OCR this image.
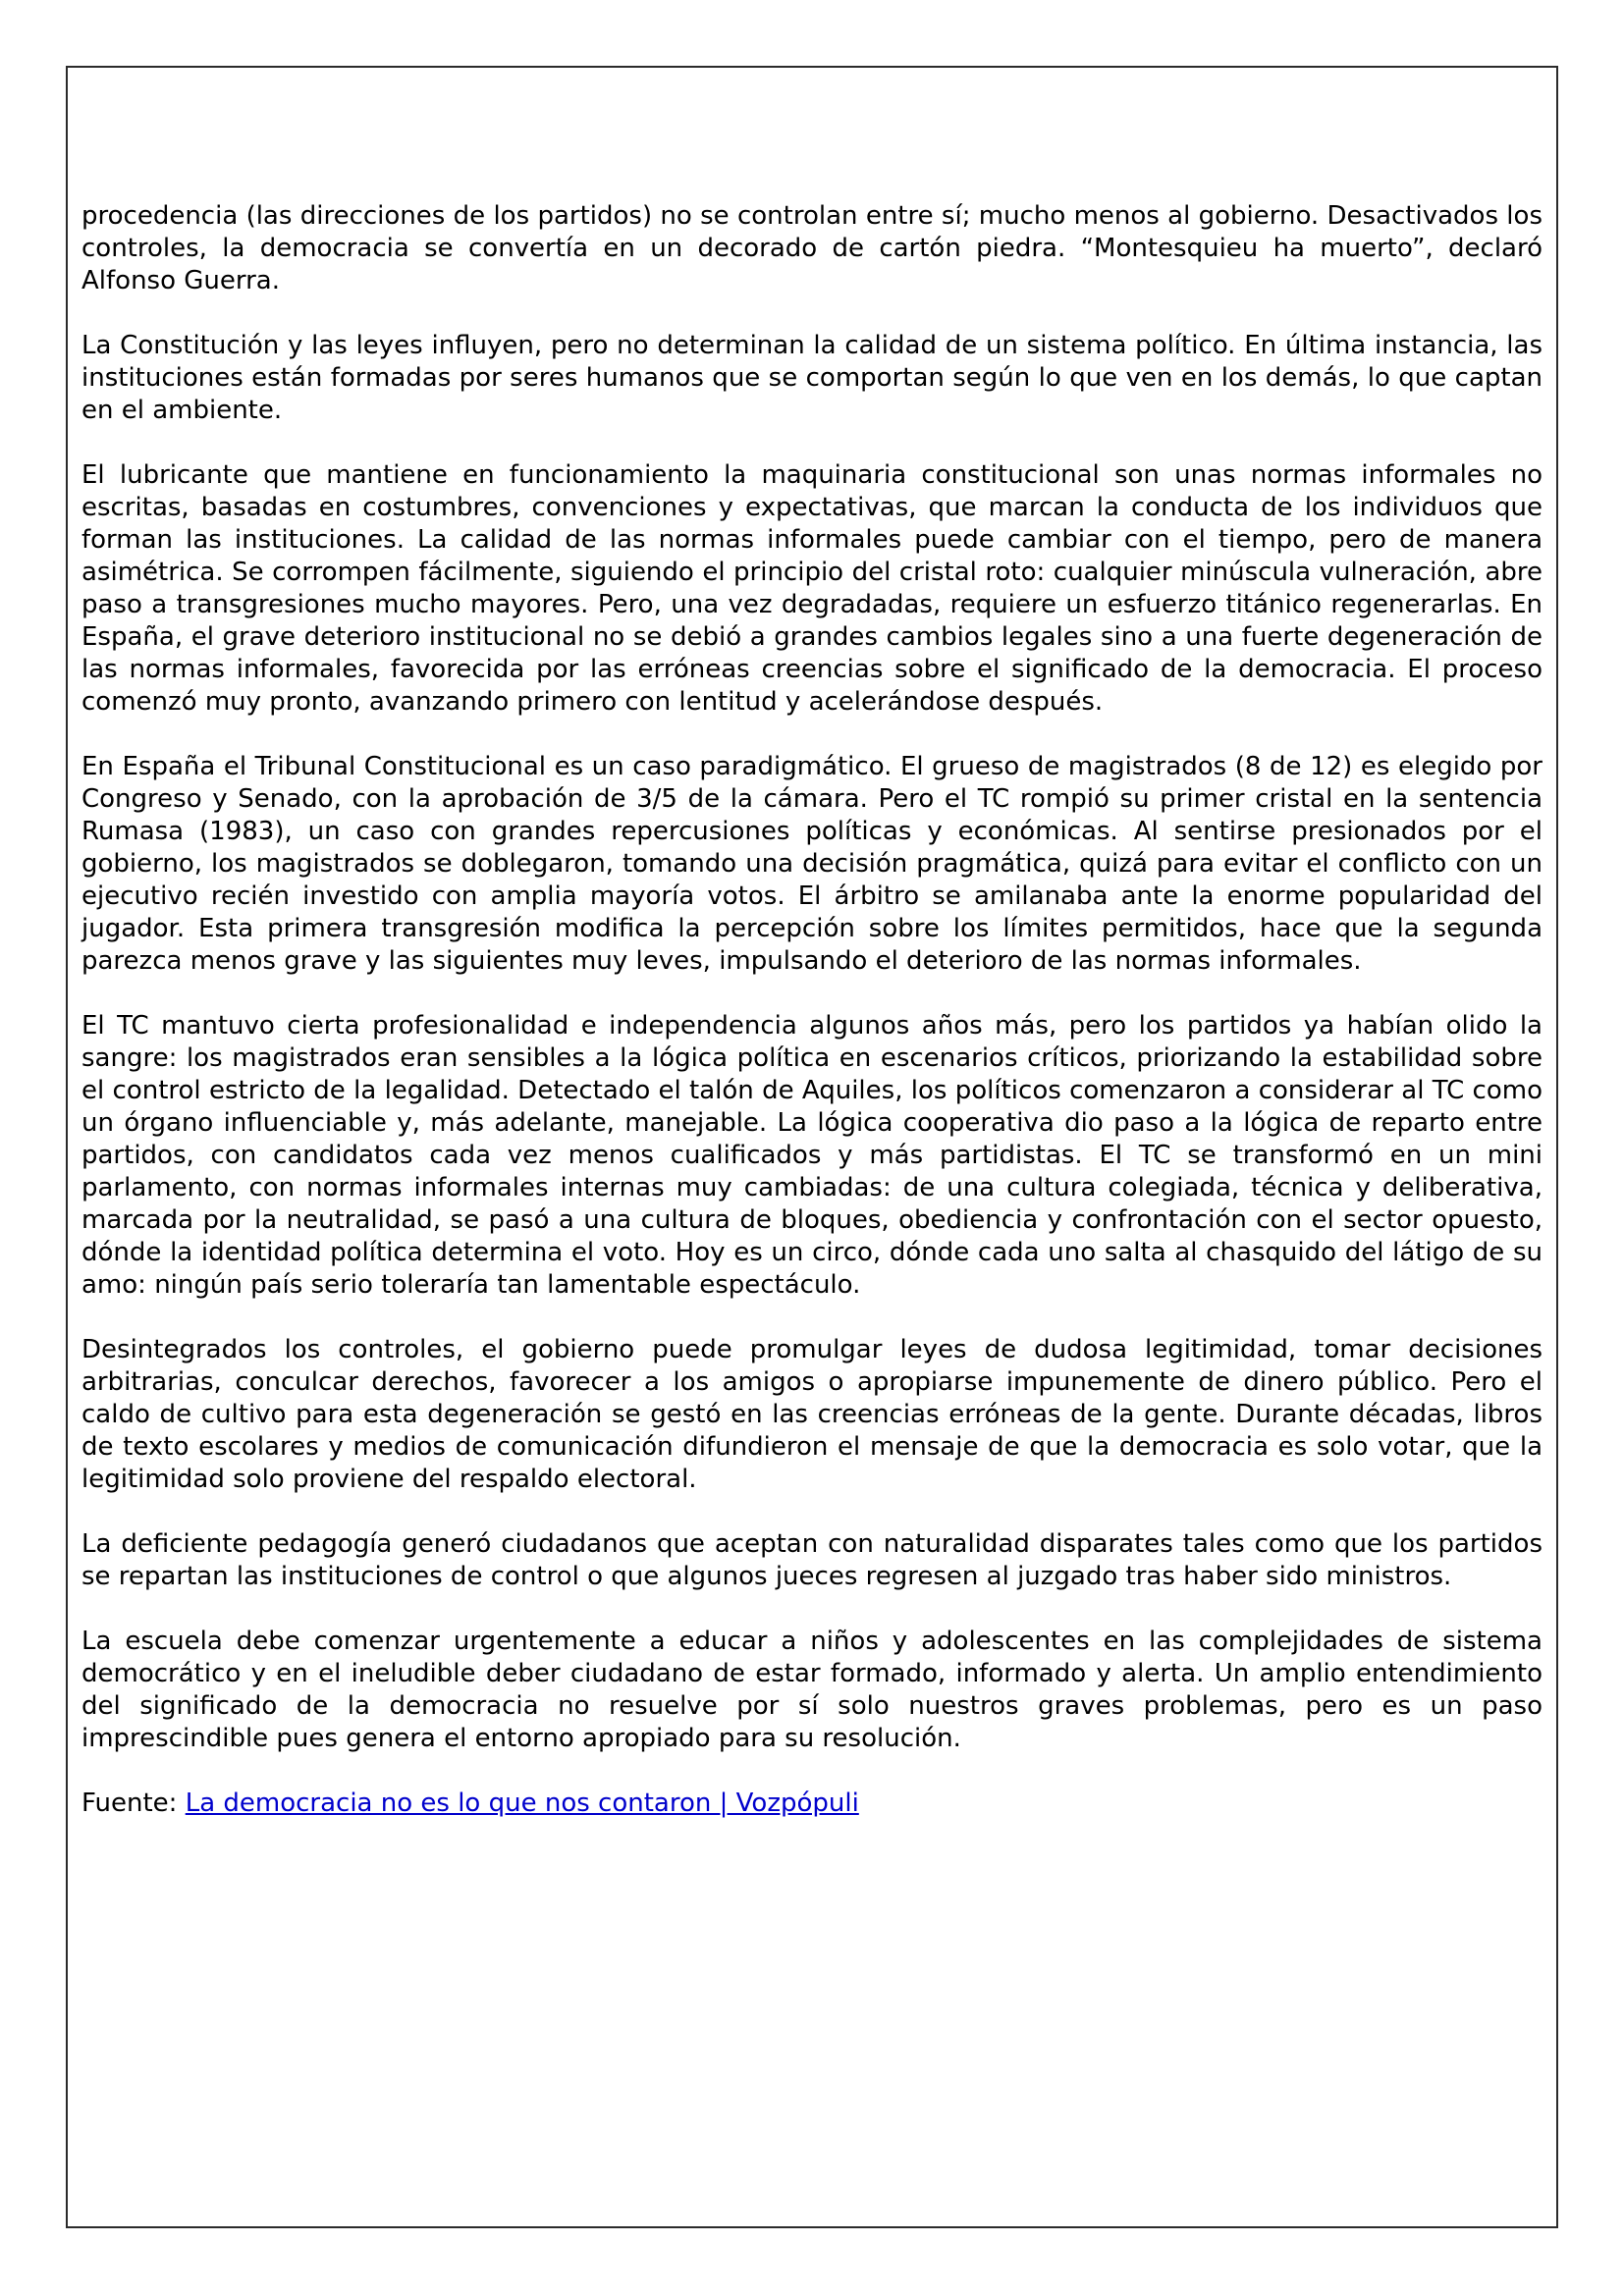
procedencia (las direcciones de los partidos) no se controlan entre sí; mucho menos al gobierno. Desactivados los controles, la democracia se convertía en un decorado de cartón piedra. “Montesquieu ha muerto”, declaró Alfonso Guerra.

La Constitución y las leyes influyen, pero no determinan la calidad de un sistema político. En última instancia, las instituciones están formadas por seres humanos que se comportan según lo que ven en los demás, lo que captan en el ambiente.

El lubricante que mantiene en funcionamiento la maquinaria constitucional son unas normas informales no escritas, basadas en costumbres, convenciones y expectativas, que marcan la conducta de los individuos que forman las instituciones. La calidad de las normas informales puede cambiar con el tiempo, pero de manera asimétrica. Se corrompen fácilmente, siguiendo el principio del cristal roto: cualquier minúscula vulneración, abre paso a transgresiones mucho mayores. Pero, una vez degradadas, requiere un esfuerzo titánico regenerarlas. En España, el grave deterioro institucional no se debió a grandes cambios legales sino a una fuerte degeneración de las normas informales, favorecida por las erróneas creencias sobre el significado de la democracia. El proceso comenzó muy pronto, avanzando primero con lentitud y acelerándose después.

En España el Tribunal Constitucional es un caso paradigmático. El grueso de magistrados (8 de 12) es elegido por Congreso y Senado, con la aprobación de 3/5 de la cámara. Pero el TC rompió su primer cristal en la sentencia Rumasa (1983), un caso con grandes repercusiones políticas y económicas. Al sentirse presionados por el gobierno, los magistrados se doblegaron, tomando una decisión pragmática, quizá para evitar el conflicto con un ejecutivo recién investido con amplia mayoría votos. El árbitro se amilanaba ante la enorme popularidad del jugador. Esta primera transgresión modifica la percepción sobre los límites permitidos, hace que la segunda parezca menos grave y las siguientes muy leves, impulsando el deterioro de las normas informales.

El TC mantuvo cierta profesionalidad e independencia algunos años más, pero los partidos ya habían olido la sangre: los magistrados eran sensibles a la lógica política en escenarios críticos, priorizando la estabilidad sobre el control estricto de la legalidad. Detectado el talón de Aquiles, los políticos comenzaron a considerar al TC como un órgano influenciable y, más adelante, manejable. La lógica cooperativa dio paso a la lógica de reparto entre partidos, con candidatos cada vez menos cualificados y más partidistas. El TC se transformó en un mini parlamento, con normas informales internas muy cambiadas: de una cultura colegiada, técnica y deliberativa, marcada por la neutralidad, se pasó a una cultura de bloques, obediencia y confrontación con el sector opuesto, dónde la identidad política determina el voto. Hoy es un circo, dónde cada uno salta al chasquido del látigo de su amo: ningún país serio toleraría tan lamentable espectáculo.

Desintegrados los controles, el gobierno puede promulgar leyes de dudosa legitimidad, tomar decisiones arbitrarias, conculcar derechos, favorecer a los amigos o apropiarse impunemente de dinero público. Pero el caldo de cultivo para esta degeneración se gestó en las creencias erróneas de la gente. Durante décadas, libros de texto escolares y medios de comunicación difundieron el mensaje de que la democracia es solo votar, que la legitimidad solo proviene del respaldo electoral.

La deficiente pedagogía generó ciudadanos que aceptan con naturalidad disparates tales como que los partidos se repartan las instituciones de control o que algunos jueces regresen al juzgado tras haber sido ministros.

La escuela debe comenzar urgentemente a educar a niños y adolescentes en las complejidades de sistema democrático y en el ineludible deber ciudadano de estar formado, informado y alerta. Un amplio entendimiento del significado de la democracia no resuelve por sí solo nuestros graves problemas, pero es un paso imprescindible pues genera el entorno apropiado para su resolución.

Fuente: La democracia no es lo que nos contaron | Vozpópuli
